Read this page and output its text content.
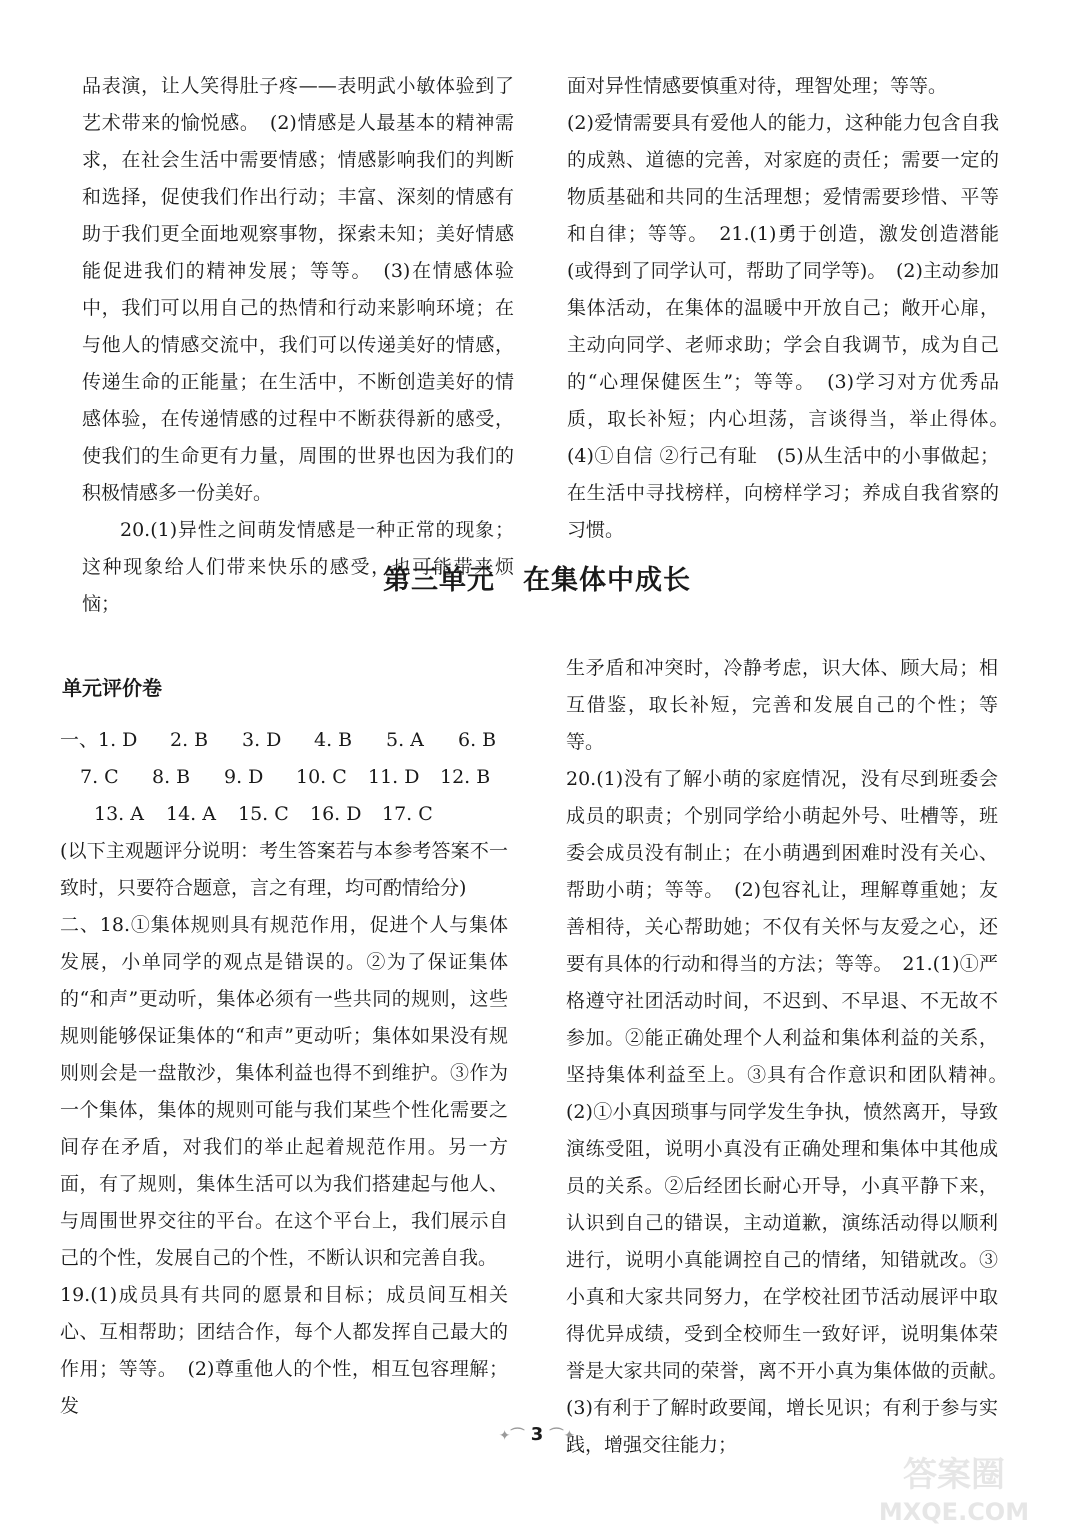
品表演，让人笑得肚子疼——表明武小敏体验到了艺术带来的愉悦感。　(2)情感是人最基本的精神需求，在社会生活中需要情感；情感影响我们的判断和选择，促使我们作出行动；丰富、深刻的情感有助于我们更全面地观察事物，探索未知；美好情感能促进我们的精神发展；等等。　(3)在情感体验中，我们可以用自己的热情和行动来影响环境；在与他人的情感交流中，我们可以传递美好的情感，传递生命的正能量；在生活中，不断创造美好的情感体验，在传递情感的过程中不断获得新的感受，使我们的生命更有力量，周围的世界也因为我们的积极情感多一份美好。

20.(1)异性之间萌发情感是一种正常的现象；这种现象给人们带来快乐的感受，也可能带来烦恼；

面对异性情感要慎重对待，理智处理；等等。

(2)爱情需要具有爱他人的能力，这种能力包含自我的成熟、道德的完善，对家庭的责任；需要一定的物质基础和共同的生活理想；爱情需要珍惜、平等和自律；等等。　21.(1)勇于创造，激发创造潜能(或得到了同学认可，帮助了同学等)。　(2)主动参加集体活动，在集体的温暖中开放自己；敞开心扉，主动向同学、老师求助；学会自我调节，成为自己的“心理保健医生”；等等。　(3)学习对方优秀品质，取长补短；内心坦荡，言谈得当，举止得体。　(4)①自信 ②行己有耻　(5)从生活中的小事做起；在生活中寻找榜样，向榜样学习；养成自我省察的习惯。

第三单元　在集体中成长
单元评价卷
一、1. D 2. B 3. D 4. B 5. A 6. B
7. C 8. B 9. D 10. C 11. D 12. B
13. A 14. A 15. C 16. D 17. C

(以下主观题评分说明：考生答案若与本参考答案不一致时，只要符合题意，言之有理，均可酌情给分)

二、18.①集体规则具有规范作用，促进个人与集体发展，小单同学的观点是错误的。②为了保证集体的“和声”更动听，集体必须有一些共同的规则，这些规则能够保证集体的“和声”更动听；集体如果没有规则则会是一盘散沙，集体利益也得不到维护。③作为一个集体，集体的规则可能与我们某些个性化需要之间存在矛盾，对我们的举止起着规范作用。另一方面，有了规则，集体生活可以为我们搭建起与他人、与周围世界交往的平台。在这个平台上，我们展示自己的个性，发展自己的个性，不断认识和完善自我。

19.(1)成员具有共同的愿景和目标；成员间互相关心、互相帮助；团结合作，每个人都发挥自己最大的作用；等等。　(2)尊重他人的个性，相互包容理解；发

生矛盾和冲突时，冷静考虑，识大体、顾大局；相互借鉴，取长补短，完善和发展自己的个性；等等。

20.(1)没有了解小萌的家庭情况，没有尽到班委会成员的职责；个别同学给小萌起外号、吐槽等，班委会成员没有制止；在小萌遇到困难时没有关心、帮助小萌；等等。　(2)包容礼让，理解尊重她；友善相待，关心帮助她；不仅有关怀与友爱之心，还要有具体的行动和得当的方法；等等。　21.(1)①严格遵守社团活动时间，不迟到、不早退、不无故不参加。②能正确处理个人利益和集体利益的关系，坚持集体利益至上。③具有合作意识和团队精神。　(2)①小真因琐事与同学发生争执，愤然离开，导致演练受阻，说明小真没有正确处理和集体中其他成员的关系。②后经团长耐心开导，小真平静下来，认识到自己的错误，主动道歉，演练活动得以顺利进行，说明小真能调控自己的情绪，知错就改。③小真和大家共同努力，在学校社团节活动展评中取得优异成绩，受到全校师生一致好评，说明集体荣誉是大家共同的荣誉，离不开小真为集体做的贡献。　(3)有利于了解时政要闻，增长见识；有利于参与实践，增强交往能力；

✦⌒ 3 ⌒✦
答案圈
MXQE.COM
